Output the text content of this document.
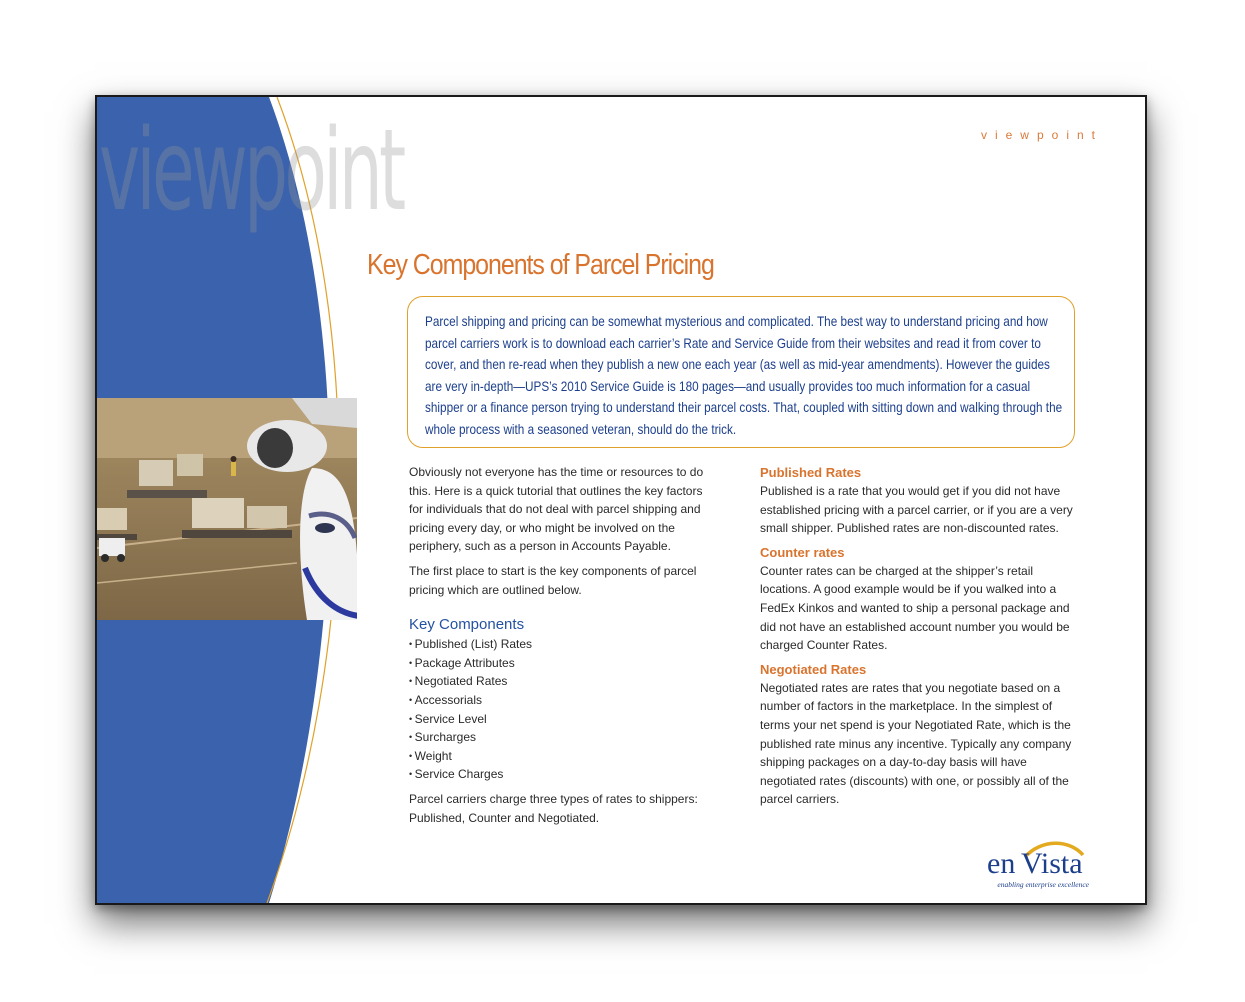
viewpoint	viewpoint
Key Components of Parcel Pricing
Parcel shipping and pricing can be somewhat mysterious and complicated. The best way to understand pricing and how parcel carriers work is to download each carrier’s Rate and Service Guide from their websites and read it from cover to cover, and then re-read when they publish a new one each year (as well as mid-year amendments). However the guides are very in-depth—UPS’s 2010 Service Guide is 180 pages—and usually provides too much information for a casual shipper or a finance person trying to understand their parcel costs. That, coupled with sitting down and walking through the whole process with a seasoned veteran, should do the trick.

Obviously not everyone has the time or resources to do this. Here is a quick tutorial that outlines the key factors for individuals that do not deal with parcel shipping and pricing every day, or who might be involved on the periphery, such as a person in Accounts Payable.

The first place to start is the key components of parcel pricing which are outlined below.

Key Components
• Published (List) Rates
• Package Attributes
• Negotiated Rates
• Accessorials
• Service Level
• Surcharges
• Weight
• Service Charges

Parcel carriers charge three types of rates to shippers: Published, Counter and Negotiated.

Published Rates

Published is a rate that you would get if you did not have established pricing with a parcel carrier, or if you are a very small shipper. Published rates are non-discounted rates.

Counter rates

Counter rates can be charged at the shipper’s retail locations. A good example would be if you walked into a FedEx Kinkos and wanted to ship a personal package and did not have an established account number you would be charged Counter Rates.

Negotiated Rates

Negotiated rates are rates that you negotiate based on a number of factors in the marketplace. In the simplest of terms your net spend is your Negotiated Rate, which is the published rate minus any incentive. Typically any company shipping packages on a day-to-day basis will have negotiated rates (discounts) with one, or possibly all of the parcel carriers.

en Vista
enabling enterprise excellence
